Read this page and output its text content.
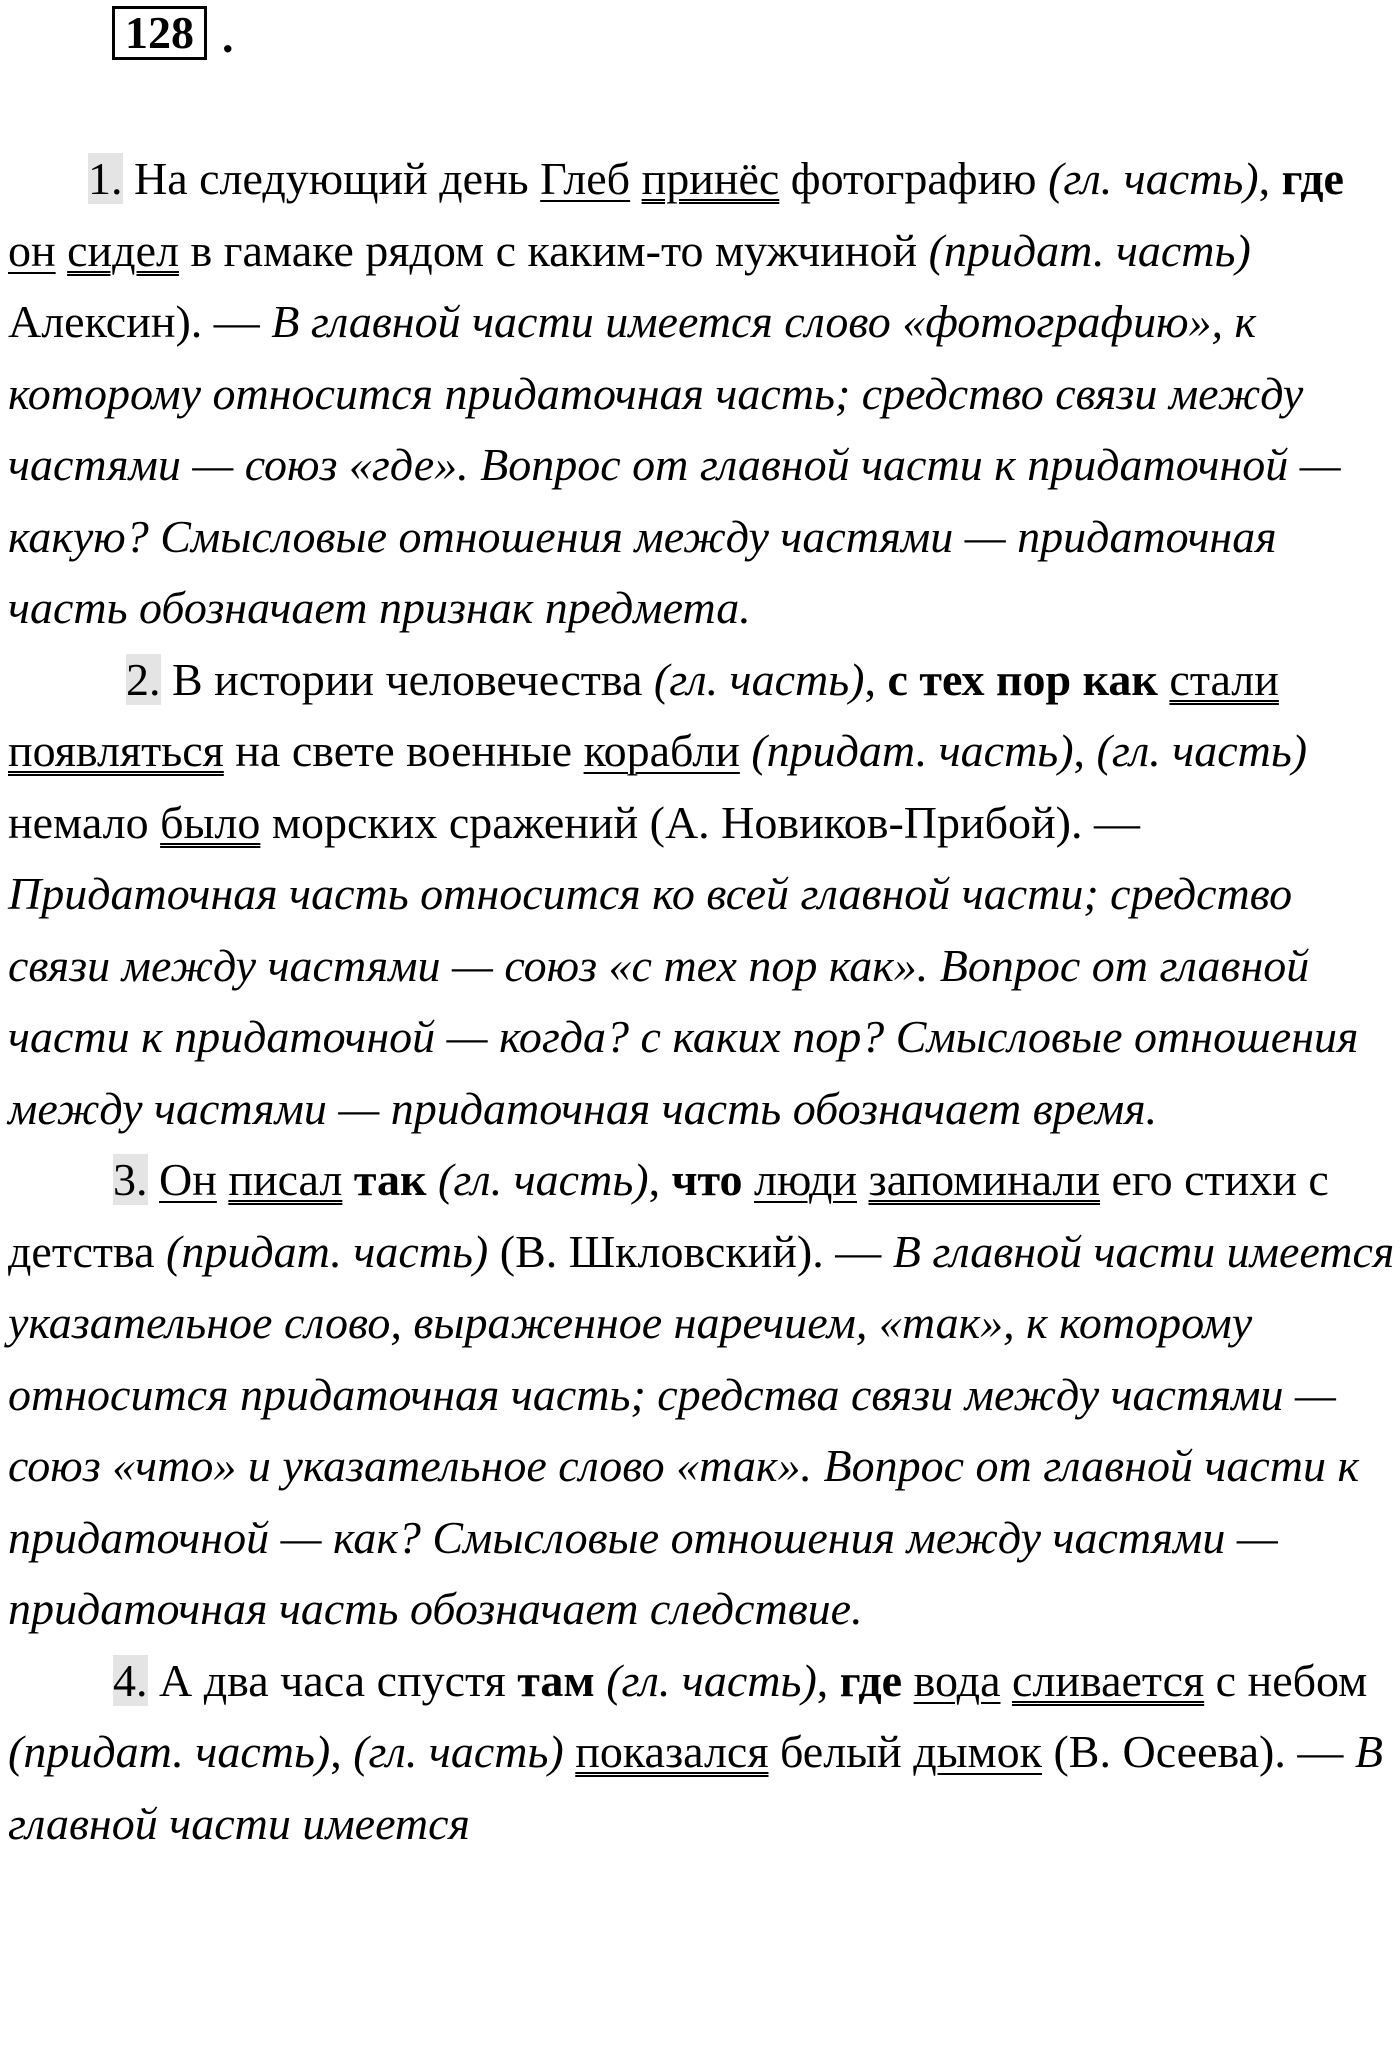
128 .

1. На следующий день Глеб принёс фотографию (гл. часть), где он сидел в гамаке рядом с каким-то мужчиной (придат. часть) Алексин). — В главной части имеется слово «фотографию», к которому относится придаточная часть; средство связи между частями — союз «где». Вопрос от главной части к придаточной — какую? Смысловые отношения между частями — придаточная часть обозначает признак предмета.

2. В истории человечества (гл. часть), с тех пор как стали появляться на свете военные корабли (придат. часть), (гл. часть) немало было морских сражений (А. Новиков-Прибой). — Придаточная часть относится ко всей главной части; средство связи между частями — союз «с тех пор как». Вопрос от главной части к придаточной — когда? с каких пор? Смысловые отношения между частями — придаточная часть обозначает время.

3. Он писал так (гл. часть), что люди запоминали его стихи с детства (придат. часть) (В. Шкловский). — В главной части имеется указательное слово, выраженное наречием, «так», к которому относится придаточная часть; средства связи между частями — союз «что» и указательное слово «так». Вопрос от главной части к придаточной — как? Смысловые отношения между частями — придаточная часть обозначает следствие.

4. А два часа спустя там (гл. часть), где вода сливается с небом (придат. часть), (гл. часть) показался белый дымок (В. Осеева). — В главной части имеется
